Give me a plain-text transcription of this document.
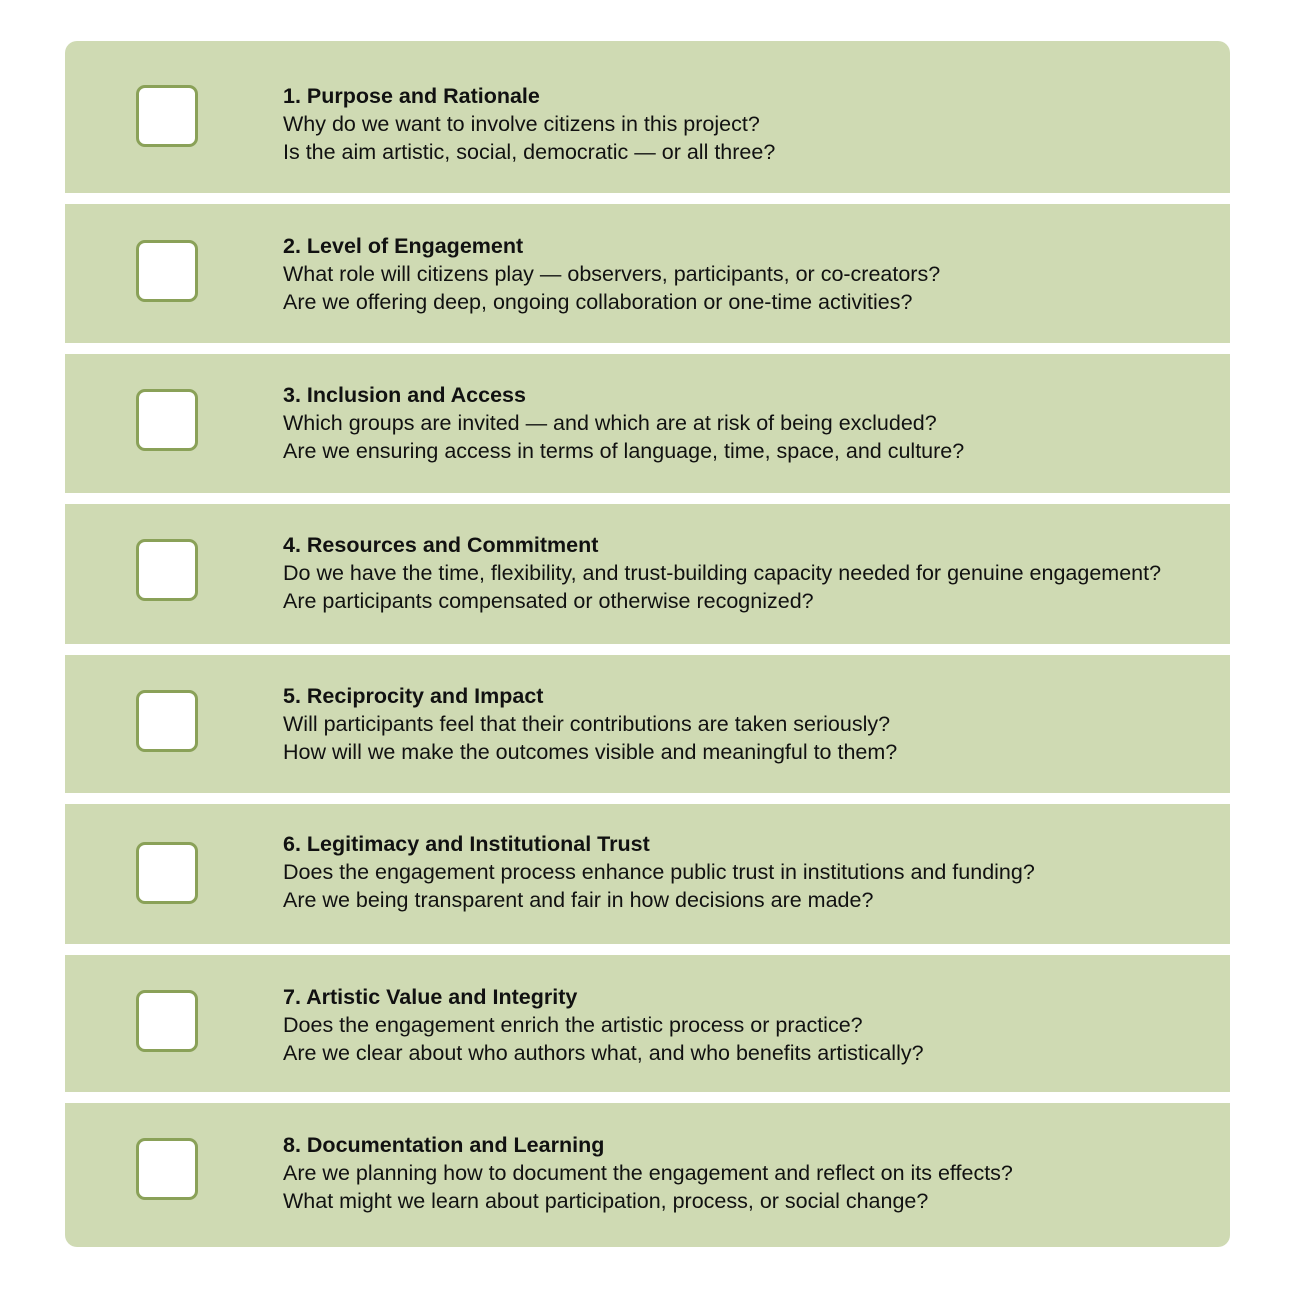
1. Purpose and Rationale
Why do we want to involve citizens in this project?
Is the aim artistic, social, democratic — or all three?
2. Level of Engagement
What role will citizens play — observers, participants, or co-creators?
Are we offering deep, ongoing collaboration or one-time activities?
3. Inclusion and Access
Which groups are invited — and which are at risk of being excluded?
Are we ensuring access in terms of language, time, space, and culture?
4. Resources and Commitment
Do we have the time, flexibility, and trust-building capacity needed for genuine engagement?
Are participants compensated or otherwise recognized?
5. Reciprocity and Impact
Will participants feel that their contributions are taken seriously?
How will we make the outcomes visible and meaningful to them?
6. Legitimacy and Institutional Trust
Does the engagement process enhance public trust in institutions and funding?
Are we being transparent and fair in how decisions are made?
7. Artistic Value and Integrity
Does the engagement enrich the artistic process or practice?
Are we clear about who authors what, and who benefits artistically?
8. Documentation and Learning
Are we planning how to document the engagement and reflect on its effects?
What might we learn about participation, process, or social change?
